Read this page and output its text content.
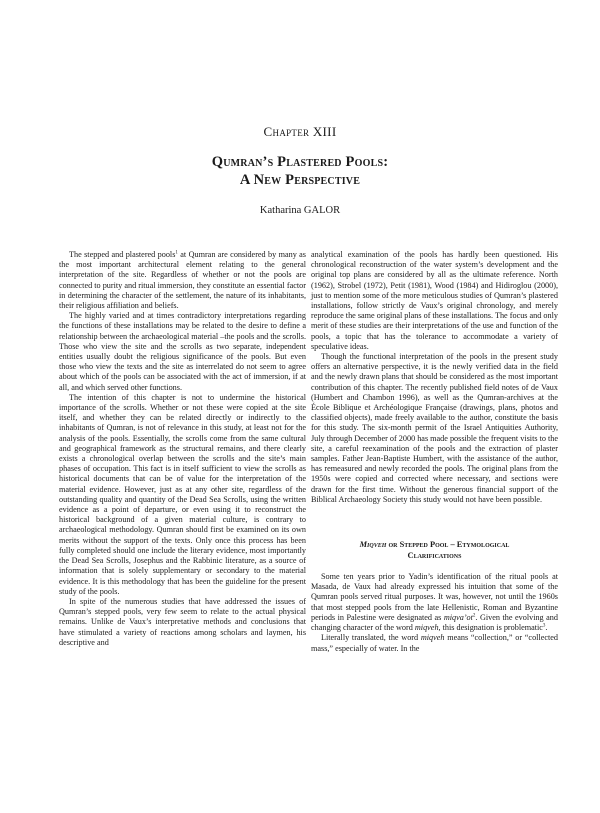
Chapter XIII
Qumran’s Plastered Pools:
A New Perspective
Katharina GALOR

The stepped and plastered pools$^1$ at Qumran are considered by many as the most important architectural element relating to the general interpretation of the site. Regardless of whether or not the pools are connected to purity and ritual immersion, they constitute an essential factor in determining the character of the settlement, the nature of its inhabitants, their religious affiliation and beliefs.

The highly varied and at times contradictory interpretations regarding the functions of these installations may be related to the desire to define a relationship between the archaeological material –the pools and the scrolls. Those who view the site and the scrolls as two separate, independent entities usually doubt the religious significance of the pools. But even those who view the texts and the site as interrelated do not seem to agree about which of the pools can be associated with the act of immersion, if at all, and which served other functions.

The intention of this chapter is not to undermine the historical importance of the scrolls. Whether or not these were copied at the site itself, and whether they can be related directly or indirectly to the inhabitants of Qumran, is not of relevance in this study, at least not for the analysis of the pools. Essentially, the scrolls come from the same cultural and geographical framework as the structural remains, and there clearly exists a chronological overlap between the scrolls and the site’s main phases of occupation. This fact is in itself sufficient to view the scrolls as historical documents that can be of value for the interpretation of the material evidence. However, just as at any other site, regardless of the outstanding quality and quantity of the Dead Sea Scrolls, using the written evidence as a point of departure, or even using it to reconstruct the historical background of a given material culture, is contrary to archaeological methodology. Qumran should first be examined on its own merits without the support of the texts. Only once this process has been fully completed should one include the literary evidence, most importantly the Dead Sea Scrolls, Josephus and the Rabbinic literature, as a source of information that is solely supplementary or secondary to the material evidence. It is this methodology that has been the guideline for the present study of the pools.

In spite of the numerous studies that have addressed the issues of Qumran’s stepped pools, very few seem to relate to the actual physical remains. Unlike de Vaux’s interpretative methods and conclusions that have stimulated a variety of reactions among scholars and laymen, his descriptive and

analytical examination of the pools has hardly been questioned. His chronological reconstruction of the water system’s development and the original top plans are considered by all as the ultimate reference. North (1962), Strobel (1972), Petit (1981), Wood (1984) and Hidiroglou (2000), just to mention some of the more meticulous studies of Qumran’s plastered installations, follow strictly de Vaux’s original chronology, and merely reproduce the same original plans of these installations. The focus and only merit of these studies are their interpretations of the use and function of the pools, a topic that has the tolerance to accommodate a variety of speculative ideas.

Though the functional interpretation of the pools in the present study offers an alternative perspective, it is the newly verified data in the field and the newly drawn plans that should be considered as the most important contribution of this chapter. The recently published field notes of de Vaux (Humbert and Chambon 1996), as well as the Qumran-archives at the École Biblique et Archéologique Française (drawings, plans, photos and classified objects), made freely available to the author, constitute the basis for this study. The six-month permit of the Israel Antiquities Authority, July through December of 2000 has made possible the frequent visits to the site, a careful reexamination of the pools and the extraction of plaster samples. Father Jean-Baptiste Humbert, with the assistance of the author, has remeasured and newly recorded the pools. The original plans from the 1950s were copied and corrected where necessary, and sections were drawn for the first time. Without the generous financial support of the Biblical Archaeology Society this study would not have been possible.

Miqveh or Stepped Pool – Etymological
Clarifications

Some ten years prior to Yadin’s identification of the ritual pools at Masada, de Vaux had already expressed his intuition that some of the Qumran pools served ritual purposes. It was, however, not until the 1960s that most stepped pools from the late Hellenistic, Roman and Byzantine periods in Palestine were designated as $miqva’ot^2$. Given the evolving and changing character of the word miqveh, this designation is problematic$^3$.

Literally translated, the word miqveh means “collection,” or “collected mass,” especially of water. In the
